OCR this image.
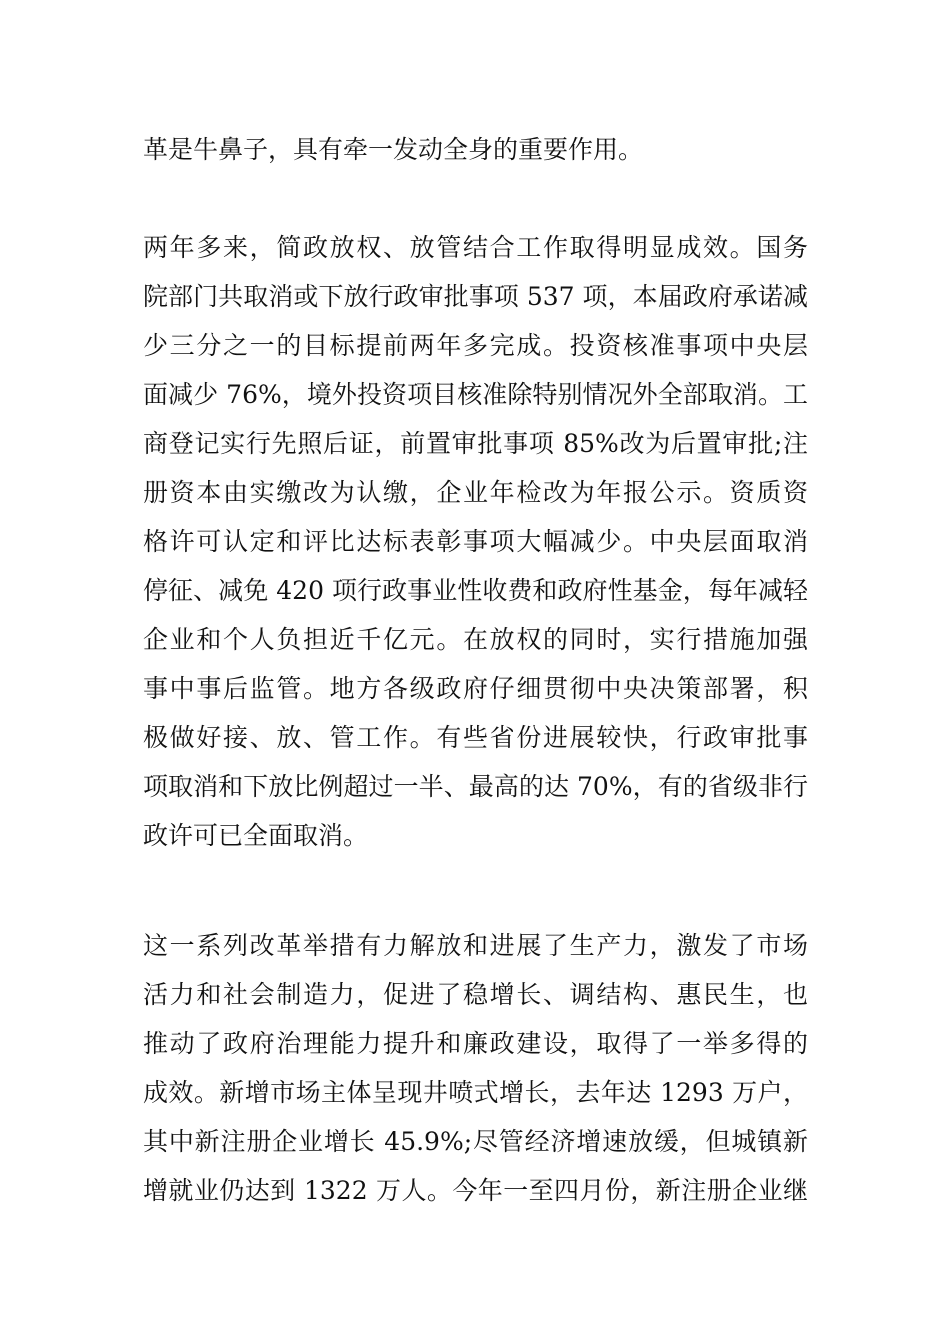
革是牛鼻子，具有牵一发动全身的重要作用。
两年多来，简政放权、放管结合工作取得明显成效。国务
院部门共取消或下放行政审批事项 537 项，本届政府承诺减
少三分之一的目标提前两年多完成。投资核准事项中央层
面减少 76%，境外投资项目核准除特别情况外全部取消。工
商登记实行先照后证，前置审批事项 85%改为后置审批;注
册资本由实缴改为认缴，企业年检改为年报公示。资质资
格许可认定和评比达标表彰事项大幅减少。中央层面取消
停征、减免 420 项行政事业性收费和政府性基金，每年减轻
企业和个人负担近千亿元。在放权的同时，实行措施加强
事中事后监管。地方各级政府仔细贯彻中央决策部署，积
极做好接、放、管工作。有些省份进展较快，行政审批事
项取消和下放比例超过一半、最高的达 70%，有的省级非行
政许可已全面取消。
这一系列改革举措有力解放和进展了生产力，激发了市场
活力和社会制造力，促进了稳增长、调结构、惠民生，也
推动了政府治理能力提升和廉政建设，取得了一举多得的
成效。新增市场主体呈现井喷式增长，去年达 1293 万户，
其中新注册企业增长 45.9%;尽管经济增速放缓，但城镇新
增就业仍达到 1322 万人。今年一至四月份，新注册企业继
